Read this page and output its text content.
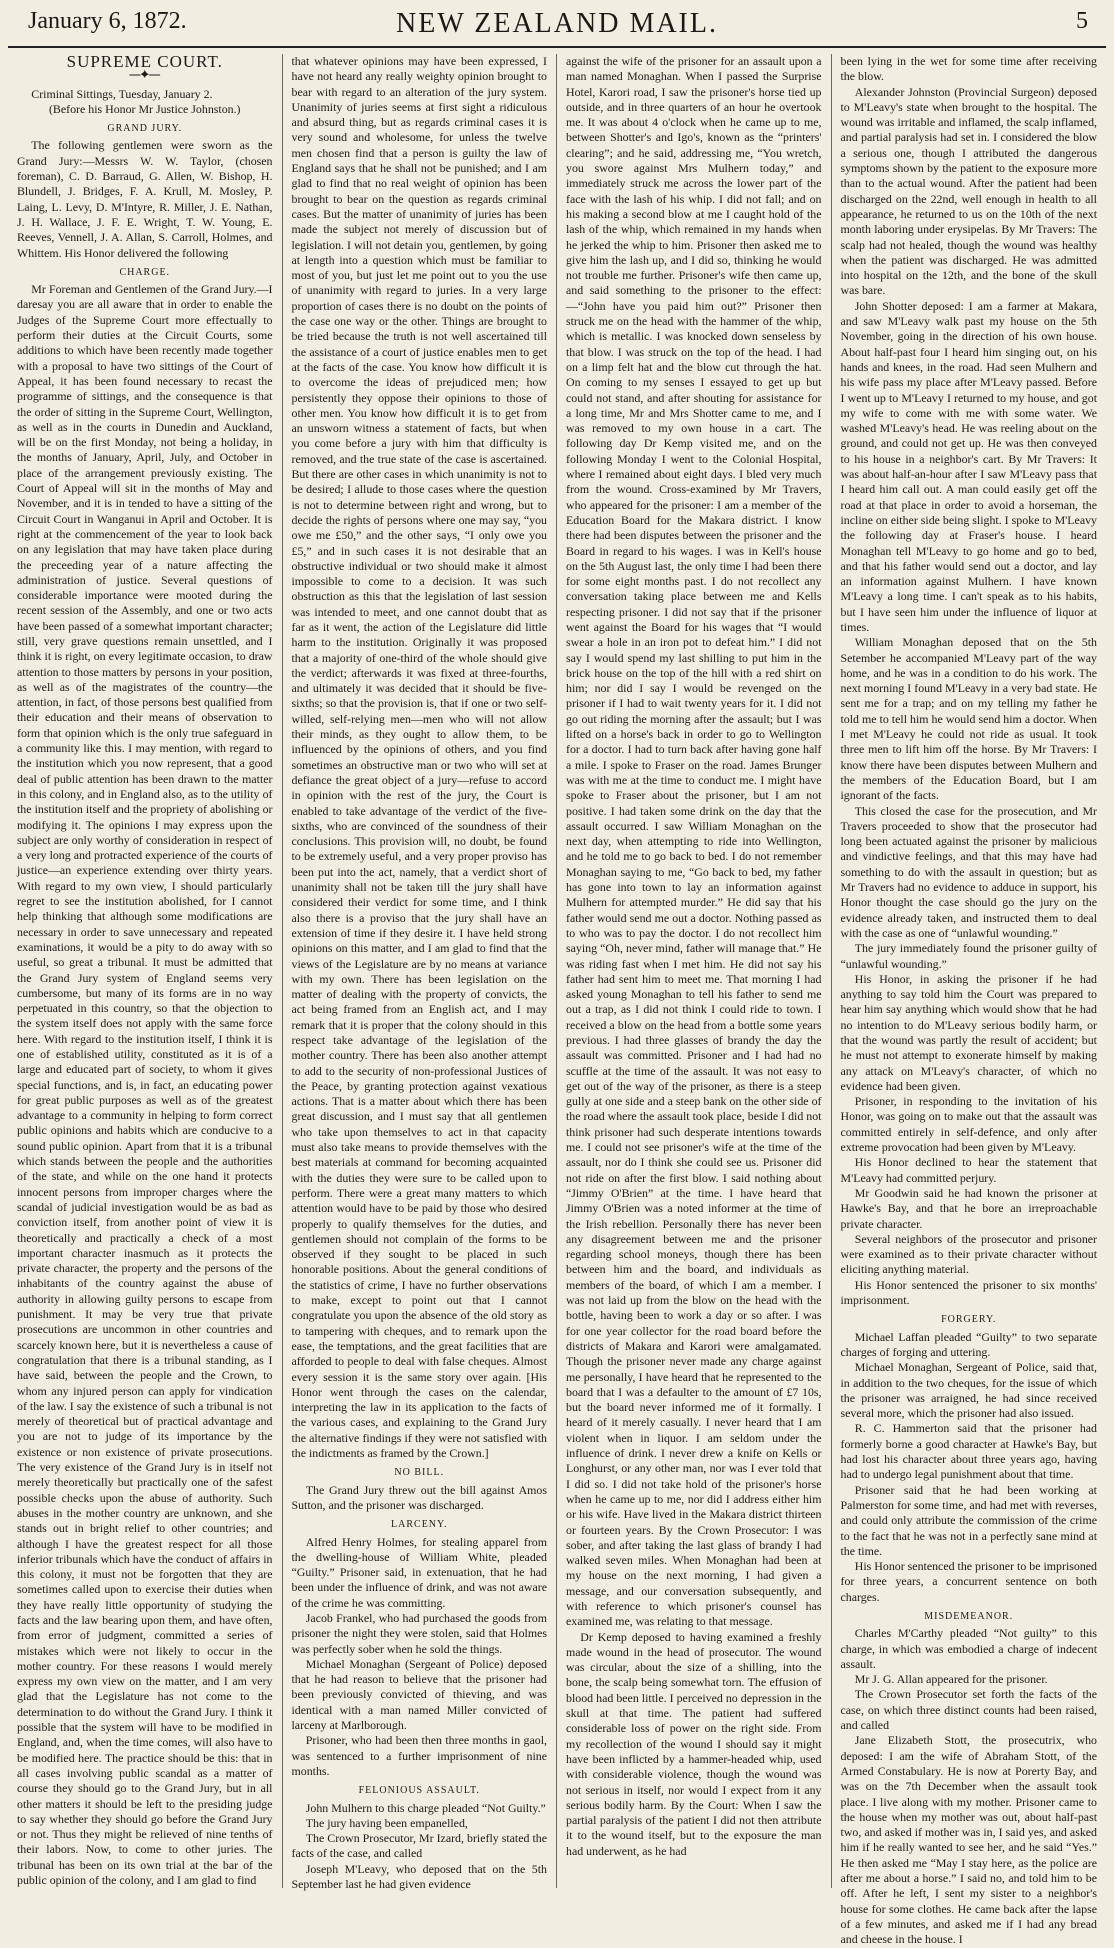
NEW ZEALAND MAIL.
January 6, 1872.	5
SUPREME COURT.
⎯⎯✦⎯⎯

Criminal Sittings, Tuesday, January 2.

(Before his Honor Mr Justice Johnston.)

GRAND JURY.

The following gentlemen were sworn as the Grand Jury:—Messrs W. W. Taylor, (chosen foreman), C. D. Barraud, G. Allen, W. Bishop, H. Blundell, J. Bridges, F. A. Krull, M. Mosley, P. Laing, L. Levy, D. M'Intyre, R. Miller, J. E. Nathan, J. H. Wallace, J. F. E. Wright, T. W. Young, E. Reeves, Vennell, J. A. Allan, S. Carroll, Holmes, and Whittem. His Honor delivered the following

CHARGE.

Mr Foreman and Gentlemen of the Grand Jury.—I daresay you are all aware that in order to enable the Judges of the Supreme Court more effectually to perform their duties at the Circuit Courts, some additions to which have been recently made together with a proposal to have two sittings of the Court of Appeal, it has been found necessary to recast the programme of sittings, and the consequence is that the order of sitting in the Supreme Court, Wellington, as well as in the courts in Dunedin and Auckland, will be on the first Monday, not being a holiday, in the months of January, April, July, and October in place of the arrangement previously existing. The Court of Appeal will sit in the months of May and November, and it is in tended to have a sitting of the Circuit Court in Wanganui in April and October. It is right at the commencement of the year to look back on any legislation that may have taken place during the preceeding year of a nature affecting the administration of justice. Several questions of considerable importance were mooted during the recent session of the Assembly, and one or two acts have been passed of a somewhat important character; still, very grave questions remain unsettled, and I think it is right, on every legitimate occasion, to draw attention to those matters by persons in your position, as well as of the magistrates of the country—the attention, in fact, of those persons best qualified from their education and their means of observation to form that opinion which is the only true safeguard in a community like this. I may mention, with regard to the institution which you now represent, that a good deal of public attention has been drawn to the matter in this colony, and in England also, as to the utility of the institution itself and the propriety of abolishing or modifying it. The opinions I may express upon the subject are only worthy of consideration in respect of a very long and protracted experience of the courts of justice—an experience extending over thirty years. With regard to my own view, I should particularly regret to see the institution abolished, for I cannot help thinking that although some modifications are necessary in order to save unnecessary and repeated examinations, it would be a pity to do away with so useful, so great a tribunal. It must be admitted that the Grand Jury system of England seems very cumbersome, but many of its forms are in no way perpetuated in this country, so that the objection to the system itself does not apply with the same force here. With regard to the institution itself, I think it is one of established utility, constituted as it is of a large and educated part of society, to whom it gives special functions, and is, in fact, an educating power for great public purposes as well as of the greatest advantage to a community in helping to form correct public opinions and habits which are conducive to a sound public opinion. Apart from that it is a tribunal which stands between the people and the authorities of the state, and while on the one hand it protects innocent persons from improper charges where the scandal of judicial investigation would be as bad as conviction itself, from another point of view it is theoretically and practically a check of a most important character inasmuch as it protects the private character, the property and the persons of the inhabitants of the country against the abuse of authority in allowing guilty persons to escape from punishment. It may be very true that private prosecutions are uncommon in other countries and scarcely known here, but it is nevertheless a cause of congratulation that there is a tribunal standing, as I have said, between the people and the Crown, to whom any injured person can apply for vindication of the law. I say the existence of such a tribunal is not merely of theoretical but of practical advantage and you are not to judge of its importance by the existence or non existence of private prosecutions. The very existence of the Grand Jury is in itself not merely theoretically but practically one of the safest possible checks upon the abuse of authority. Such abuses in the mother country are unknown, and she stands out in bright relief to other countries; and although I have the greatest respect for all those inferior tribunals which have the conduct of affairs in this colony, it must not be forgotten that they are sometimes called upon to exercise their duties when they have really little opportunity of studying the facts and the law bearing upon them, and have often, from error of judgment, committed a series of mistakes which were not likely to occur in the mother country. For these reasons I would merely express my own view on the matter, and I am very glad that the Legislature has not come to the determination to do without the Grand Jury. I think it possible that the system will have to be modified in England, and, when the time comes, will also have to be modified here. The practice should be this: that in all cases involving public scandal as a matter of course they should go to the Grand Jury, but in all other matters it should be left to the presiding judge to say whether they should go before the Grand Jury or not. Thus they might be relieved of nine tenths of their labors. Now, to come to other juries. The tribunal has been on its own trial at the bar of the public opinion of the colony, and I am glad to find

that whatever opinions may have been expressed, I have not heard any really weighty opinion brought to bear with regard to an alteration of the jury system. Unanimity of juries seems at first sight a ridiculous and absurd thing, but as regards criminal cases it is very sound and wholesome, for unless the twelve men chosen find that a person is guilty the law of England says that he shall not be punished; and I am glad to find that no real weight of opinion has been brought to bear on the question as regards criminal cases. But the matter of unanimity of juries has been made the subject not merely of discussion but of legislation. I will not detain you, gentlemen, by going at length into a question which must be familiar to most of you, but just let me point out to you the use of unanimity with regard to juries. In a very large proportion of cases there is no doubt on the points of the case one way or the other. Things are brought to be tried because the truth is not well ascertained till the assistance of a court of justice enables men to get at the facts of the case. You know how difficult it is to overcome the ideas of prejudiced men; how persistently they oppose their opinions to those of other men. You know how difficult it is to get from an unsworn witness a statement of facts, but when you come before a jury with him that difficulty is removed, and the true state of the case is ascertained. But there are other cases in which unanimity is not to be desired; I allude to those cases where the question is not to determine between right and wrong, but to decide the rights of persons where one may say, “you owe me £50,” and the other says, “I only owe you £5,” and in such cases it is not desirable that an obstructive individual or two should make it almost impossible to come to a decision. It was such obstruction as this that the legislation of last session was intended to meet, and one cannot doubt that as far as it went, the action of the Legislature did little harm to the institution. Originally it was proposed that a majority of one-third of the whole should give the verdict; afterwards it was fixed at three-fourths, and ultimately it was decided that it should be five-sixths; so that the provision is, that if one or two self-willed, self-relying men—men who will not allow their minds, as they ought to allow them, to be influenced by the opinions of others, and you find sometimes an obstructive man or two who will set at defiance the great object of a jury—refuse to accord in opinion with the rest of the jury, the Court is enabled to take advantage of the verdict of the five-sixths, who are convinced of the soundness of their conclusions. This provision will, no doubt, be found to be extremely useful, and a very proper proviso has been put into the act, namely, that a verdict short of unanimity shall not be taken till the jury shall have considered their verdict for some time, and I think also there is a proviso that the jury shall have an extension of time if they desire it. I have held strong opinions on this matter, and I am glad to find that the views of the Legislature are by no means at variance with my own. There has been legislation on the matter of dealing with the property of convicts, the act being framed from an English act, and I may remark that it is proper that the colony should in this respect take advantage of the legislation of the mother country. There has been also another attempt to add to the security of non-professional Justices of the Peace, by granting protection against vexatious actions. That is a matter about which there has been great discussion, and I must say that all gentlemen who take upon themselves to act in that capacity must also take means to provide themselves with the best materials at command for becoming acquainted with the duties they were sure to be called upon to perform. There were a great many matters to which attention would have to be paid by those who desired properly to qualify themselves for the duties, and gentlemen should not complain of the forms to be observed if they sought to be placed in such honorable positions. About the general conditions of the statistics of crime, I have no further observations to make, except to point out that I cannot congratulate you upon the absence of the old story as to tampering with cheques, and to remark upon the ease, the temptations, and the great facilities that are afforded to people to deal with false cheques. Almost every session it is the same story over again. [His Honor went through the cases on the calendar, interpreting the law in its application to the facts of the various cases, and explaining to the Grand Jury the alternative findings if they were not satisfied with the indictments as framed by the Crown.]

NO BILL.

The Grand Jury threw out the bill against Amos Sutton, and the prisoner was discharged.

LARCENY.

Alfred Henry Holmes, for stealing apparel from the dwelling-house of William White, pleaded “Guilty.” Prisoner said, in extenuation, that he had been under the influence of drink, and was not aware of the crime he was committing.

Jacob Frankel, who had purchased the goods from prisoner the night they were stolen, said that Holmes was perfectly sober when he sold the things.

Michael Monaghan (Sergeant of Police) deposed that he had reason to believe that the prisoner had been previously convicted of thieving, and was identical with a man named Miller convicted of larceny at Marlborough.

Prisoner, who had been then three months in gaol, was sentenced to a further imprisonment of nine months.

FELONIOUS ASSAULT.

John Mulhern to this charge pleaded “Not Guilty.”

The jury having been empanelled,

The Crown Prosecutor, Mr Izard, briefly stated the facts of the case, and called

Joseph M'Leavy, who deposed that on the 5th September last he had given evidence

against the wife of the prisoner for an assault upon a man named Monaghan. When I passed the Surprise Hotel, Karori road, I saw the prisoner's horse tied up outside, and in three quarters of an hour he overtook me. It was about 4 o'clock when he came up to me, between Shotter's and Igo's, known as the “printers' clearing”; and he said, addressing me, “You wretch, you swore against Mrs Mulhern today,” and immediately struck me across the lower part of the face with the lash of his whip. I did not fall; and on his making a second blow at me I caught hold of the lash of the whip, which remained in my hands when he jerked the whip to him. Prisoner then asked me to give him the lash up, and I did so, thinking he would not trouble me further. Prisoner's wife then came up, and said something to the prisoner to the effect:—“John have you paid him out?” Prisoner then struck me on the head with the hammer of the whip, which is metallic. I was knocked down senseless by that blow. I was struck on the top of the head. I had on a limp felt hat and the blow cut through the hat. On coming to my senses I essayed to get up but could not stand, and after shouting for assistance for a long time, Mr and Mrs Shotter came to me, and I was removed to my own house in a cart. The following day Dr Kemp visited me, and on the following Monday I went to the Colonial Hospital, where I remained about eight days. I bled very much from the wound. Cross-examined by Mr Travers, who appeared for the prisoner: I am a member of the Education Board for the Makara district. I know there had been disputes between the prisoner and the Board in regard to his wages. I was in Kell's house on the 5th August last, the only time I had been there for some eight months past. I do not recollect any conversation taking place between me and Kells respecting prisoner. I did not say that if the prisoner went against the Board for his wages that “I would swear a hole in an iron pot to defeat him.” I did not say I would spend my last shilling to put him in the brick house on the top of the hill with a red shirt on him; nor did I say I would be revenged on the prisoner if I had to wait twenty years for it. I did not go out riding the morning after the assault; but I was lifted on a horse's back in order to go to Wellington for a doctor. I had to turn back after having gone half a mile. I spoke to Fraser on the road. James Brunger was with me at the time to conduct me. I might have spoke to Fraser about the prisoner, but I am not positive. I had taken some drink on the day that the assault occurred. I saw William Monaghan on the next day, when attempting to ride into Wellington, and he told me to go back to bed. I do not remember Monaghan saying to me, “Go back to bed, my father has gone into town to lay an information against Mulhern for attempted murder.” He did say that his father would send me out a doctor. Nothing passed as to who was to pay the doctor. I do not recollect him saying “Oh, never mind, father will manage that.” He was riding fast when I met him. He did not say his father had sent him to meet me. That morning I had asked young Monaghan to tell his father to send me out a trap, as I did not think I could ride to town. I received a blow on the head from a bottle some years previous. I had three glasses of brandy the day the assault was committed. Prisoner and I had had no scuffle at the time of the assault. It was not easy to get out of the way of the prisoner, as there is a steep gully at one side and a steep bank on the other side of the road where the assault took place, beside I did not think prisoner had such desperate intentions towards me. I could not see prisoner's wife at the time of the assault, nor do I think she could see us. Prisoner did not ride on after the first blow. I said nothing about “Jimmy O'Brien” at the time. I have heard that Jimmy O'Brien was a noted informer at the time of the Irish rebellion. Personally there has never been any disagreement between me and the prisoner regarding school moneys, though there has been between him and the board, and individuals as members of the board, of which I am a member. I was not laid up from the blow on the head with the bottle, having been to work a day or so after. I was for one year collector for the road board before the districts of Makara and Karori were amalgamated. Though the prisoner never made any charge against me personally, I have heard that he represented to the board that I was a defaulter to the amount of £7 10s, but the board never informed me of it formally. I heard of it merely casually. I never heard that I am violent when in liquor. I am seldom under the influence of drink. I never drew a knife on Kells or Longhurst, or any other man, nor was I ever told that I did so. I did not take hold of the prisoner's horse when he came up to me, nor did I address either him or his wife. Have lived in the Makara district thirteen or fourteen years. By the Crown Prosecutor: I was sober, and after taking the last glass of brandy I had walked seven miles. When Monaghan had been at my house on the next morning, I had given a message, and our conversation subsequently, and with reference to which prisoner's counsel has examined me, was relating to that message.

Dr Kemp deposed to having examined a freshly made wound in the head of prosecutor. The wound was circular, about the size of a shilling, into the bone, the scalp being somewhat torn. The effusion of blood had been little. I perceived no depression in the skull at that time. The patient had suffered considerable loss of power on the right side. From my recollection of the wound I should say it might have been inflicted by a hammer-headed whip, used with considerable violence, though the wound was not serious in itself, nor would I expect from it any serious bodily harm. By the Court: When I saw the partial paralysis of the patient I did not then attribute it to the wound itself, but to the exposure the man had underwent, as he had

been lying in the wet for some time after receiving the blow.

Alexander Johnston (Provincial Surgeon) deposed to M'Leavy's state when brought to the hospital. The wound was irritable and inflamed, the scalp inflamed, and partial paralysis had set in. I considered the blow a serious one, though I attributed the dangerous symptoms shown by the patient to the exposure more than to the actual wound. After the patient had been discharged on the 22nd, well enough in health to all appearance, he returned to us on the 10th of the next month laboring under erysipelas. By Mr Travers: The scalp had not healed, though the wound was healthy when the patient was discharged. He was admitted into hospital on the 12th, and the bone of the skull was bare.

John Shotter deposed: I am a farmer at Makara, and saw M'Leavy walk past my house on the 5th November, going in the direction of his own house. About half-past four I heard him singing out, on his hands and knees, in the road. Had seen Mulhern and his wife pass my place after M'Leavy passed. Before I went up to M'Leavy I returned to my house, and got my wife to come with me with some water. We washed M'Leavy's head. He was reeling about on the ground, and could not get up. He was then conveyed to his house in a neighbor's cart. By Mr Travers: It was about half-an-hour after I saw M'Leavy pass that I heard him call out. A man could easily get off the road at that place in order to avoid a horseman, the incline on either side being slight. I spoke to M'Leavy the following day at Fraser's house. I heard Monaghan tell M'Leavy to go home and go to bed, and that his father would send out a doctor, and lay an information against Mulhern. I have known M'Leavy a long time. I can't speak as to his habits, but I have seen him under the influence of liquor at times.

William Monaghan deposed that on the 5th Setember he accompanied M'Leavy part of the way home, and he was in a condition to do his work. The next morning I found M'Leavy in a very bad state. He sent me for a trap; and on my telling my father he told me to tell him he would send him a doctor. When I met M'Leavy he could not ride as usual. It took three men to lift him off the horse. By Mr Travers: I know there have been disputes between Mulhern and the members of the Education Board, but I am ignorant of the facts.

This closed the case for the prosecution, and Mr Travers proceeded to show that the prosecutor had long been actuated against the prisoner by malicious and vindictive feelings, and that this may have had something to do with the assault in question; but as Mr Travers had no evidence to adduce in support, his Honor thought the case should go the jury on the evidence already taken, and instructed them to deal with the case as one of “unlawful wounding.”

The jury immediately found the prisoner guilty of “unlawful wounding.”

His Honor, in asking the prisoner if he had anything to say told him the Court was prepared to hear him say anything which would show that he had no intention to do M'Leavy serious bodily harm, or that the wound was partly the result of accident; but he must not attempt to exonerate himself by making any attack on M'Leavy's character, of which no evidence had been given.

Prisoner, in responding to the invitation of his Honor, was going on to make out that the assault was committed entirely in self-defence, and only after extreme provocation had been given by M'Leavy.

His Honor declined to hear the statement that M'Leavy had committed perjury.

Mr Goodwin said he had known the prisoner at Hawke's Bay, and that he bore an irreproachable private character.

Several neighbors of the prosecutor and prisoner were examined as to their private character without eliciting anything material.

His Honor sentenced the prisoner to six months' imprisonment.

FORGERY.

Michael Laffan pleaded “Guilty” to two separate charges of forging and uttering.

Michael Monaghan, Sergeant of Police, said that, in addition to the two cheques, for the issue of which the prisoner was arraigned, he had since received several more, which the prisoner had also issued.

R. C. Hammerton said that the prisoner had formerly borne a good character at Hawke's Bay, but had lost his character about three years ago, having had to undergo legal punishment about that time.

Prisoner said that he had been working at Palmerston for some time, and had met with reverses, and could only attribute the commission of the crime to the fact that he was not in a perfectly sane mind at the time.

His Honor sentenced the prisoner to be imprisoned for three years, a concurrent sentence on both charges.

MISDEMEANOR.

Charles M'Carthy pleaded “Not guilty” to this charge, in which was embodied a charge of indecent assault.

Mr J. G. Allan appeared for the prisoner.

The Crown Prosecutor set forth the facts of the case, on which three distinct counts had been raised, and called

Jane Elizabeth Stott, the prosecutrix, who deposed: I am the wife of Abraham Stott, of the Armed Constabulary. He is now at Porerty Bay, and was on the 7th December when the assault took place. I live along with my mother. Prisoner came to the house when my mother was out, about half-past two, and asked if mother was in, I said yes, and asked him if he really wanted to see her, and he said “Yes.” He then asked me “May I stay here, as the police are after me about a horse.” I said no, and told him to be off. After he left, I sent my sister to a neighbor's house for some clothes. He came back after the lapse of a few minutes, and asked me if I had any bread and cheese in the house. I
